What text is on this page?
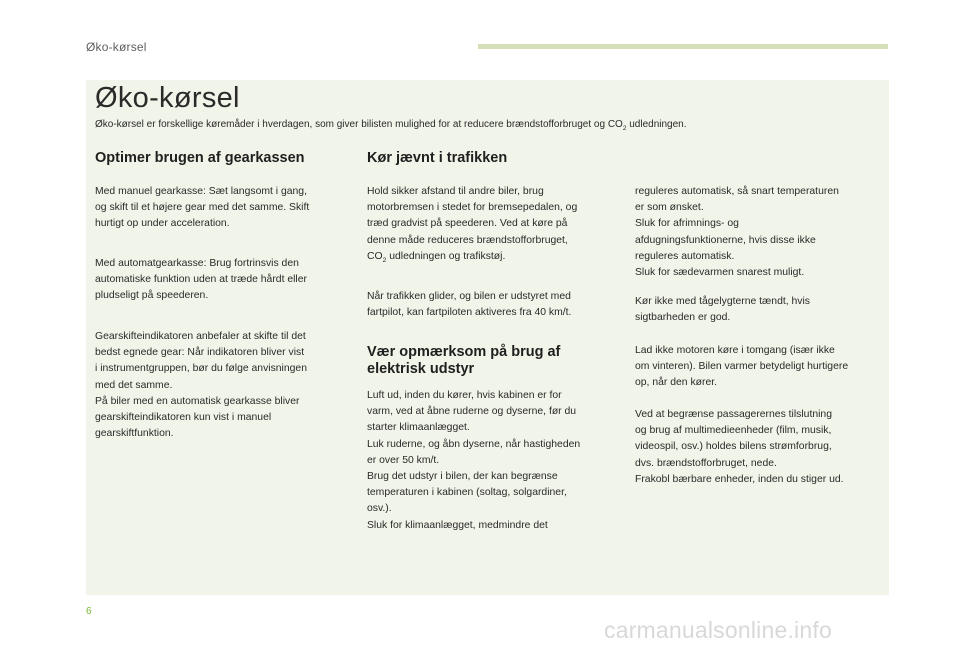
Øko-kørsel
Øko-kørsel

Øko-kørsel er forskellige køremåder i hverdagen, som giver bilisten mulighed for at reducere brændstofforbruget og $CO_2$ udledningen.

Optimer brugen af gearkassen

Med manuel gearkasse: Sæt langsomt i gang,
og skift til et højere gear med det samme. Skift
hurtigt op under acceleration.

Med automatgearkasse: Brug fortrinsvis den
automatiske funktion uden at træde hårdt eller
pludseligt på speederen.

Gearskifteindikatoren anbefaler at skifte til det
bedst egnede gear: Når indikatoren bliver vist
i instrumentgruppen, bør du følge anvisningen
med det samme.
På biler med en automatisk gearkasse bliver
gearskifteindikatoren kun vist i manuel
gearskiftfunktion.

Kør jævnt i trafikken

Hold sikker afstand til andre biler, brug
motorbremsen i stedet for bremsepedalen, og
træd gradvist på speederen. Ved at køre på
denne måde reduceres brændstofforbruget,
$CO_2$ udledningen og trafikstøj.

Når trafikken glider, og bilen er udstyret med
fartpilot, kan fartpiloten aktiveres fra 40 km/t.

Vær opmærksom på brug af
elektrisk udstyr

Luft ud, inden du kører, hvis kabinen er for
varm, ved at åbne ruderne og dyserne, før du
starter klimaanlægget.
Luk ruderne, og åbn dyserne, når hastigheden
er over 50 km/t.
Brug det udstyr i bilen, der kan begrænse
temperaturen i kabinen (soltag, solgardiner,
osv.).
Sluk for klimaanlægget, medmindre det

reguleres automatisk, så snart temperaturen
er som ønsket.
Sluk for afrimnings- og
afdugningsfunktionerne, hvis disse ikke
reguleres automatisk.
Sluk for sædevarmen snarest muligt.

Kør ikke med tågelygterne tændt, hvis
sigtbarheden er god.

Lad ikke motoren køre i tomgang (især ikke
om vinteren). Bilen varmer betydeligt hurtigere
op, når den kører.

Ved at begrænse passagerernes tilslutning
og brug af multimedieenheder (film, musik,
videospil, osv.) holdes bilens strømforbrug,
dvs. brændstofforbruget, nede.
Frakobl bærbare enheder, inden du stiger ud.

6
carmanualsonline.info
